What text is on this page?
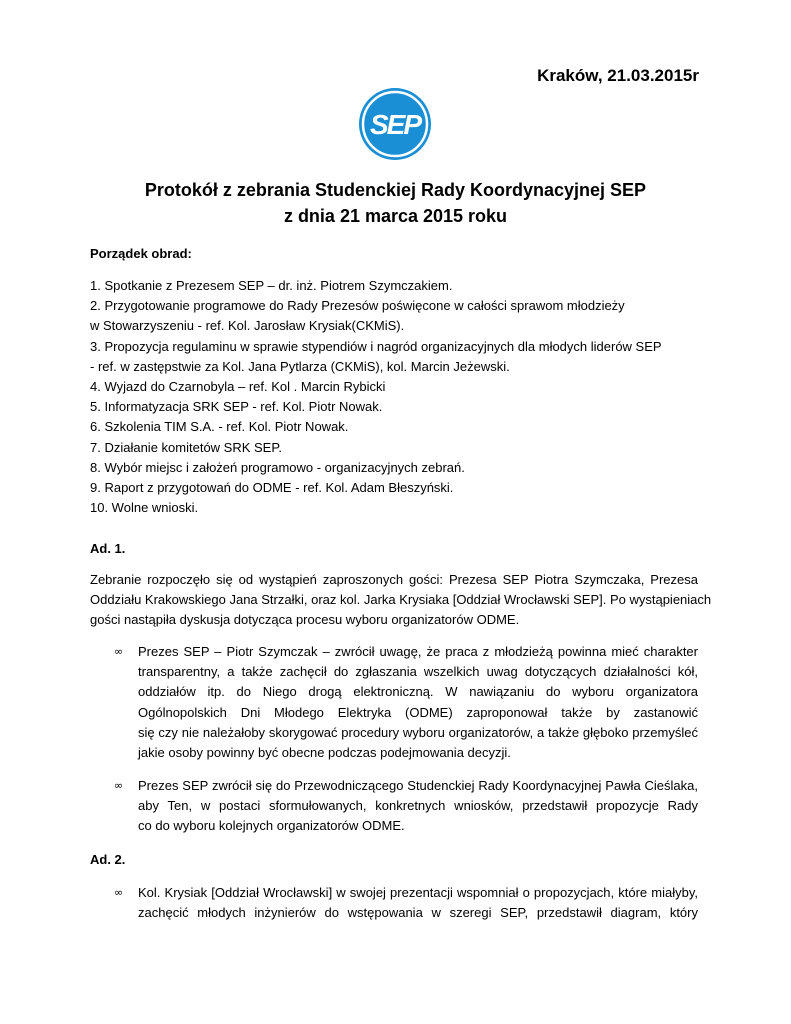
Kraków, 21.03.2015r
SEP
Protokół z zebrania Studenckiej Rady Koordynacyjnej SEP
z dnia 21 marca 2015 roku
Porządek obrad:
1. Spotkanie z Prezesem SEP – dr. inż. Piotrem Szymczakiem.
2. Przygotowanie programowe do Rady Prezesów poświęcone w całości sprawom młodzieży
w Stowarzyszeniu - ref. Kol. Jarosław Krysiak(CKMiS).
3. Propozycja regulaminu w sprawie stypendiów i nagród organizacyjnych dla młodych liderów SEP
- ref. w zastępstwie za Kol. Jana Pytlarza (CKMiS), kol. Marcin Jeżewski.
4. Wyjazd do Czarnobyla – ref. Kol . Marcin Rybicki
5. Informatyzacja SRK SEP - ref. Kol. Piotr Nowak.
6. Szkolenia TIM S.A. - ref. Kol. Piotr Nowak.
7. Działanie komitetów SRK SEP.
8. Wybór miejsc i założeń programowo - organizacyjnych zebrań.
9. Raport z przygotowań do ODME - ref. Kol. Adam Błeszyński.
10. Wolne wnioski.
Ad. 1.
Zebranie rozpoczęło się od wystąpień zaproszonych gości: Prezesa SEP Piotra Szymczaka, Prezesa
Oddziału Krakowskiego Jana Strzałki, oraz kol. Jarka Krysiaka [Oddział Wrocławski SEP]. Po wystąpieniach
gości nastąpiła dyskusja dotycząca procesu wyboru organizatorów ODME.
∞	Prezes SEP – Piotr Szymczak – zwrócił uwagę, że praca z młodzieżą powinna mieć charakter
transparentny, a także zachęcił do zgłaszania wszelkich uwag dotyczących działalności kół,
oddziałów itp. do Niego drogą elektroniczną. W nawiązaniu do wyboru organizatora
Ogólnopolskich Dni Młodego Elektryka (ODME) zaproponował także by zastanowić
się czy nie należałoby skorygować procedury wyboru organizatorów, a także głęboko przemyśleć
jakie osoby powinny być obecne podczas podejmowania decyzji.
∞	Prezes SEP zwrócił się do Przewodniczącego Studenckiej Rady Koordynacyjnej Pawła Cieślaka,
aby Ten, w postaci sformułowanych, konkretnych wniosków, przedstawił propozycje Rady
co do wyboru kolejnych organizatorów ODME.
Ad. 2.
∞	Kol. Krysiak [Oddział Wrocławski] w swojej prezentacji wspomniał o propozycjach, które miałyby,
zachęcić młodych inżynierów do wstępowania w szeregi SEP, przedstawił diagram, który
